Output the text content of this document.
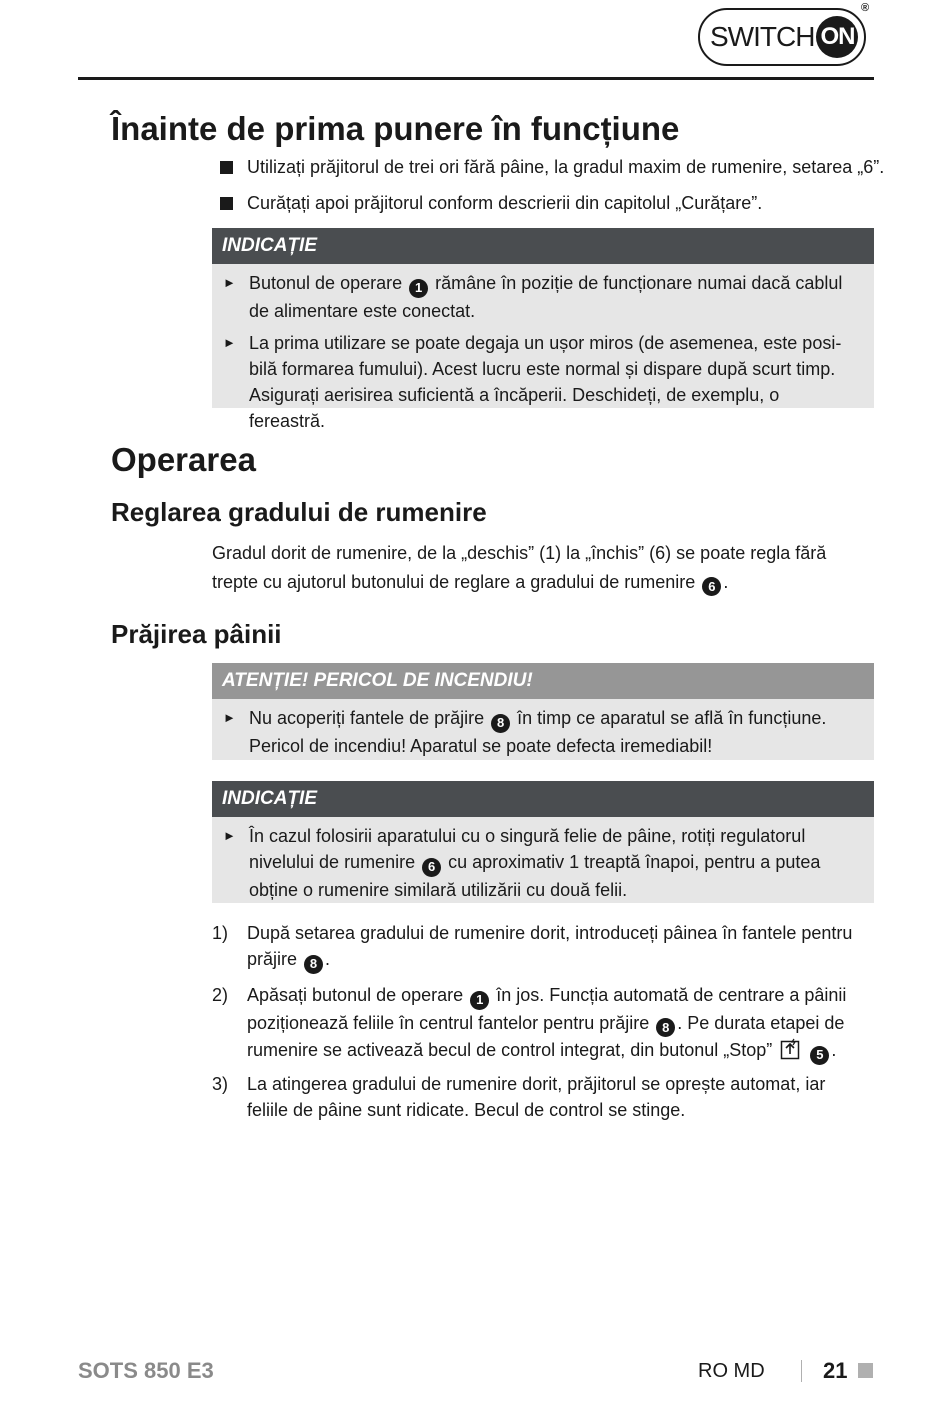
SWITCH ON
®
Înainte de prima punere în funcțiune
Utilizați prăjitorul de trei ori fără pâine, la gradul maxim de rumenire, setarea „6”.
Curățați apoi prăjitorul conform descrierii din capitolul „Curățare”.
INDICAȚIE
► Butonul de operare 1 rămâne în poziție de funcționare numai dacă cablul de alimentare este conectat.
► La prima utilizare se poate degaja un ușor miros (de asemenea, este posi-
bilă formarea fumului). Acest lucru este normal și dispare după scurt timp.
Asigurați aerisirea suficientă a încăperii. Deschideți, de exemplu, o fereastră.
Operarea
Reglarea gradului de rumenire
Gradul dorit de rumenire, de la „deschis” (1) la „închis” (6) se poate regla fără
trepte cu ajutorul butonului de reglare a gradului de rumenire 6 .
Prăjirea pâinii
ATENȚIE! PERICOL DE INCENDIU!
► Nu acoperiți fantele de prăjire 8 în timp ce aparatul se află în funcțiune.
Pericol de incendiu! Aparatul se poate defecta iremediabil!
INDICAȚIE
► În cazul folosirii aparatului cu o singură felie de pâine, rotiți regulatorul
nivelului de rumenire 6 cu aproximativ 1 treaptă înapoi, pentru a putea
obține o rumenire similară utilizării cu două felii.
1) După setarea gradului de rumenire dorit, introduceți pâinea în fantele pentru
prăjire 8 .
2) Apăsați butonul de operare 1 în jos. Funcția automată de centrare a pâinii
poziționează feliile în centrul fantelor pentru prăjire 8 . Pe durata etapei de
rumenire se activează becul de control integrat, din butonul „Stop”	5 .
3) La atingerea gradului de rumenire dorit, prăjitorul se oprește automat, iar
feliile de pâine sunt ridicate. Becul de control se stinge.
SOTS 850 E3	RO MD	21
